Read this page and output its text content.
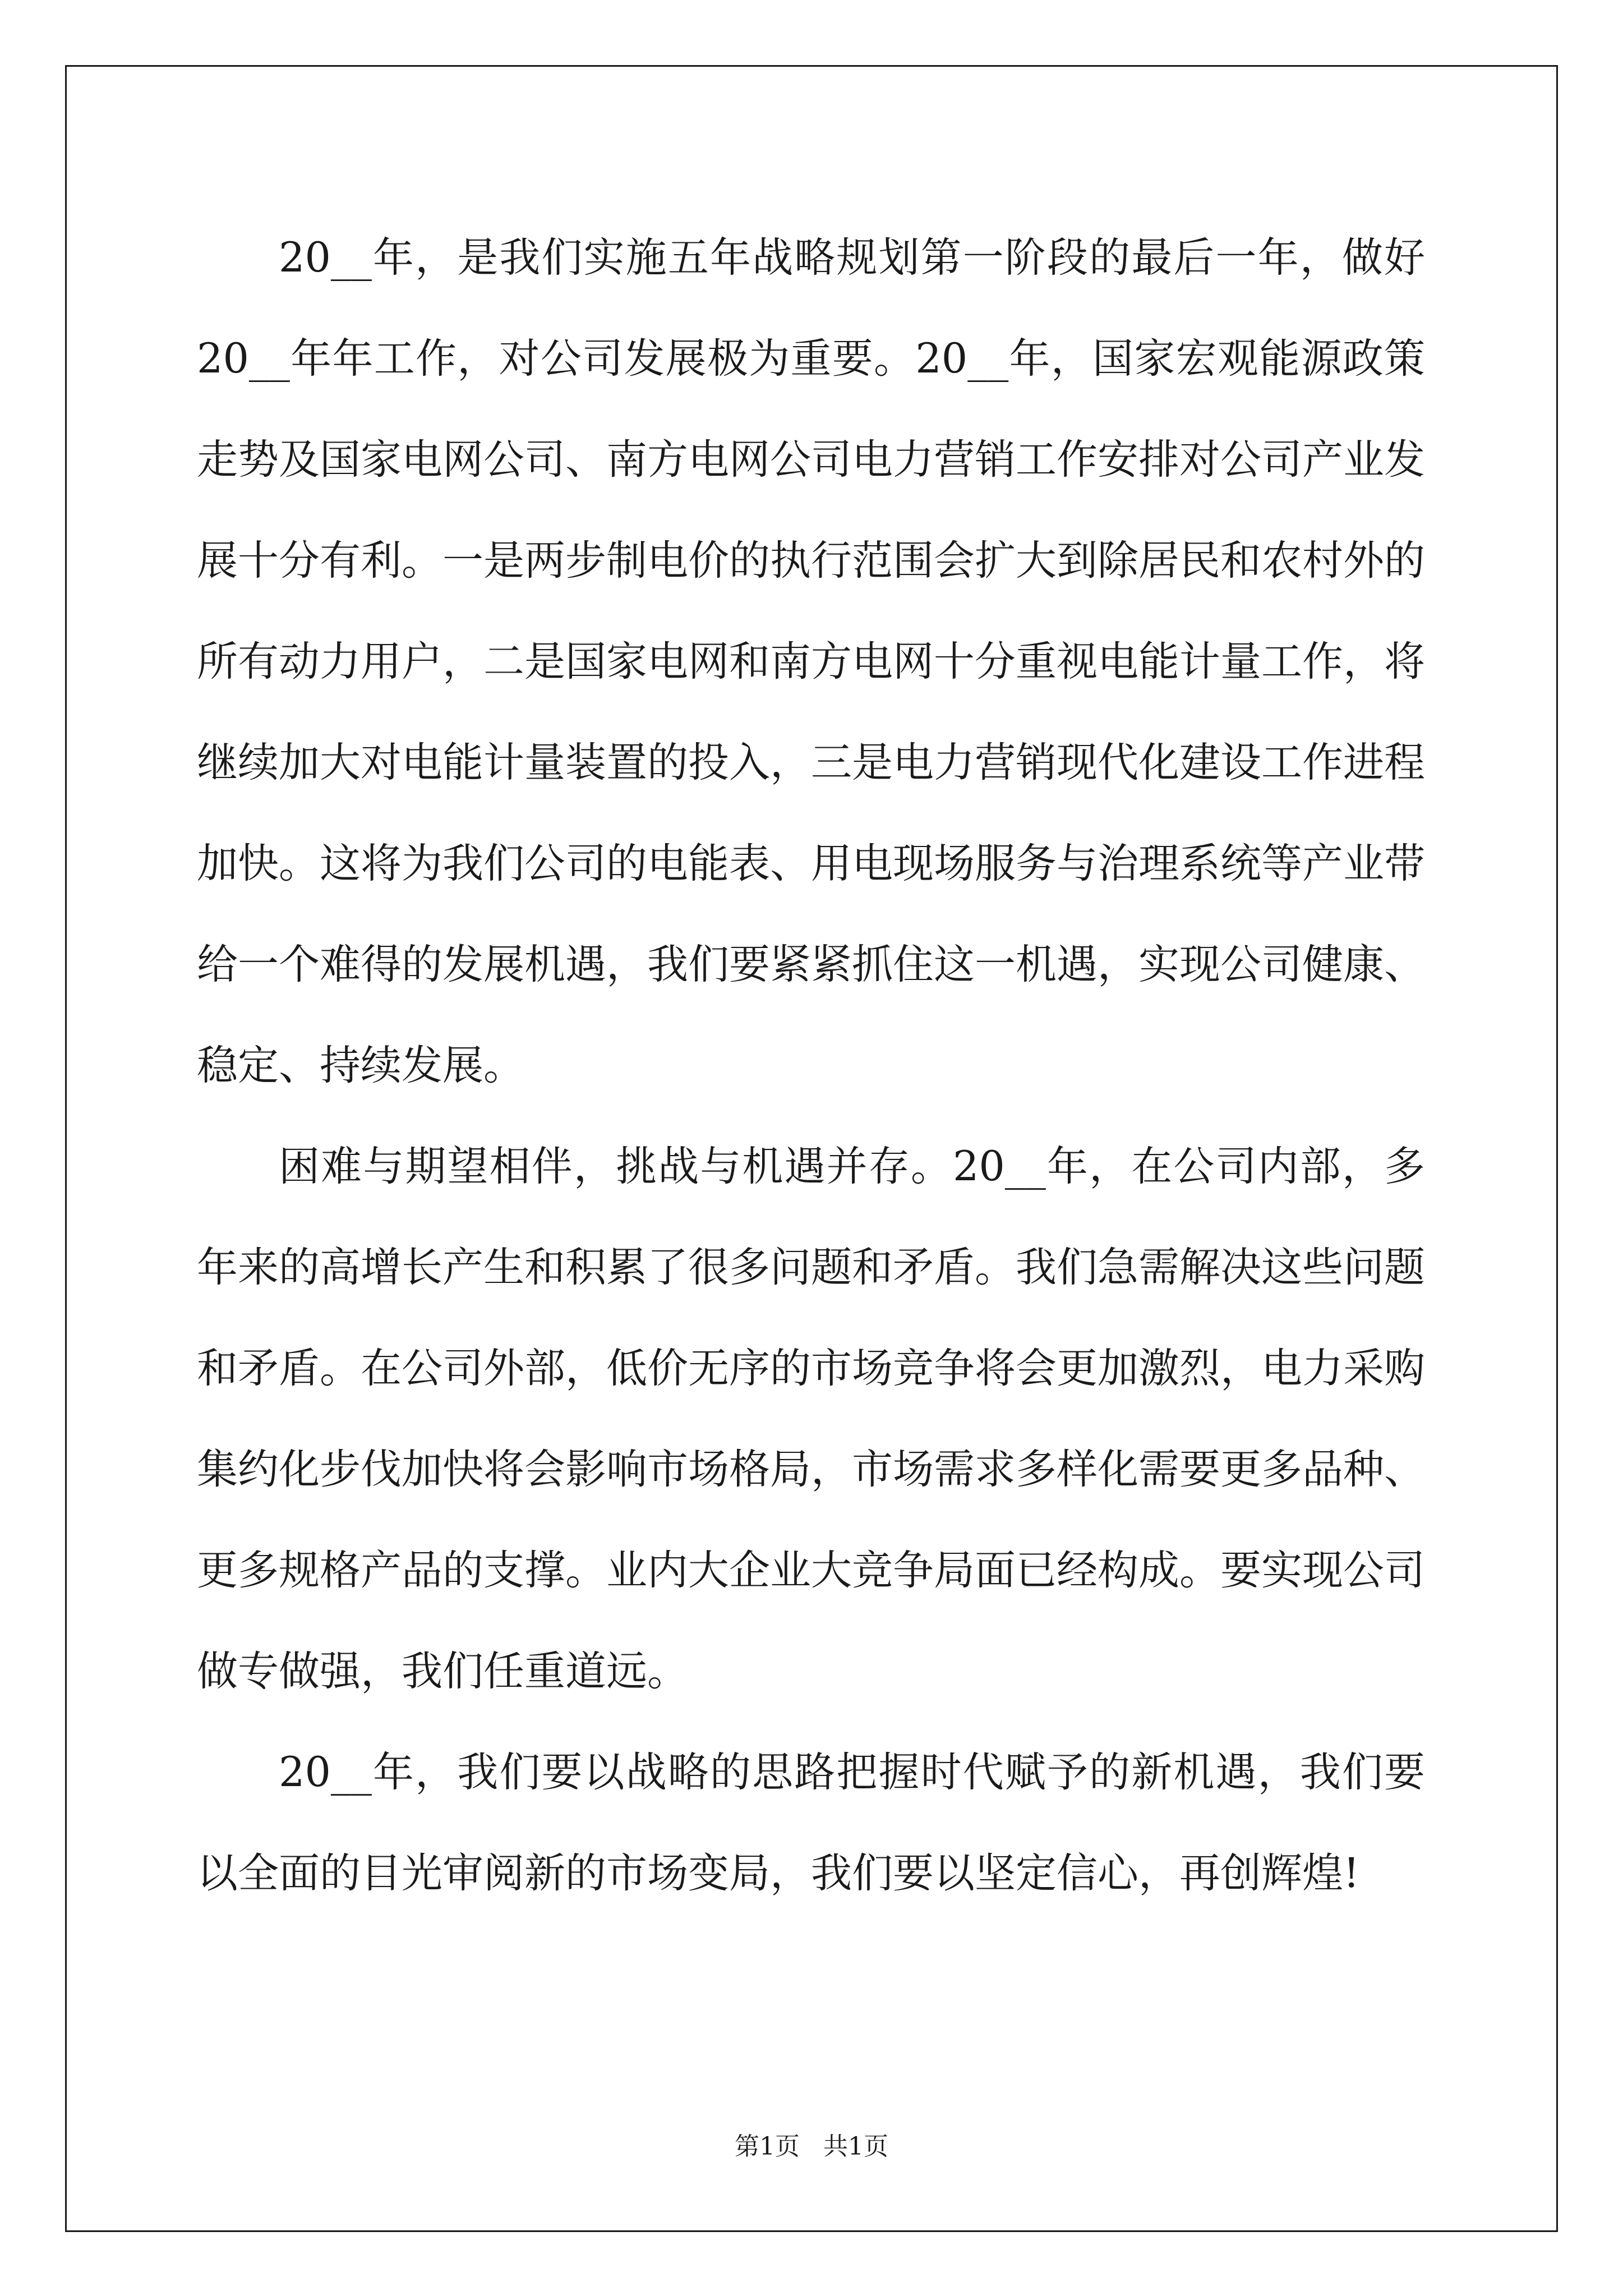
20__年，是我们实施五年战略规划第一阶段的最后一年，做好20__年年工作，对公司发展极为重要。20__年，国家宏观能源政策走势及国家电网公司、南方电网公司电力营销工作安排对公司产业发展十分有利。一是两步制电价的执行范围会扩大到除居民和农村外的所有动力用户，二是国家电网和南方电网十分重视电能计量工作，将继续加大对电能计量装置的投入，三是电力营销现代化建设工作进程加快。这将为我们公司的电能表、用电现场服务与治理系统等产业带给一个难得的发展机遇，我们要紧紧抓住这一机遇，实现公司健康、稳定、持续发展。

困难与期望相伴，挑战与机遇并存。20__年，在公司内部，多年来的高增长产生和积累了很多问题和矛盾。我们急需解决这些问题和矛盾。在公司外部，低价无序的市场竞争将会更加激烈，电力采购集约化步伐加快将会影响市场格局，市场需求多样化需要更多品种、更多规格产品的支撑。业内大企业大竞争局面已经构成。要实现公司做专做强，我们任重道远。

20__年，我们要以战略的思路把握时代赋予的新机遇，我们要以全面的目光审阅新的市场变局，我们要以坚定信心，再创辉煌!

第1页   共1页
